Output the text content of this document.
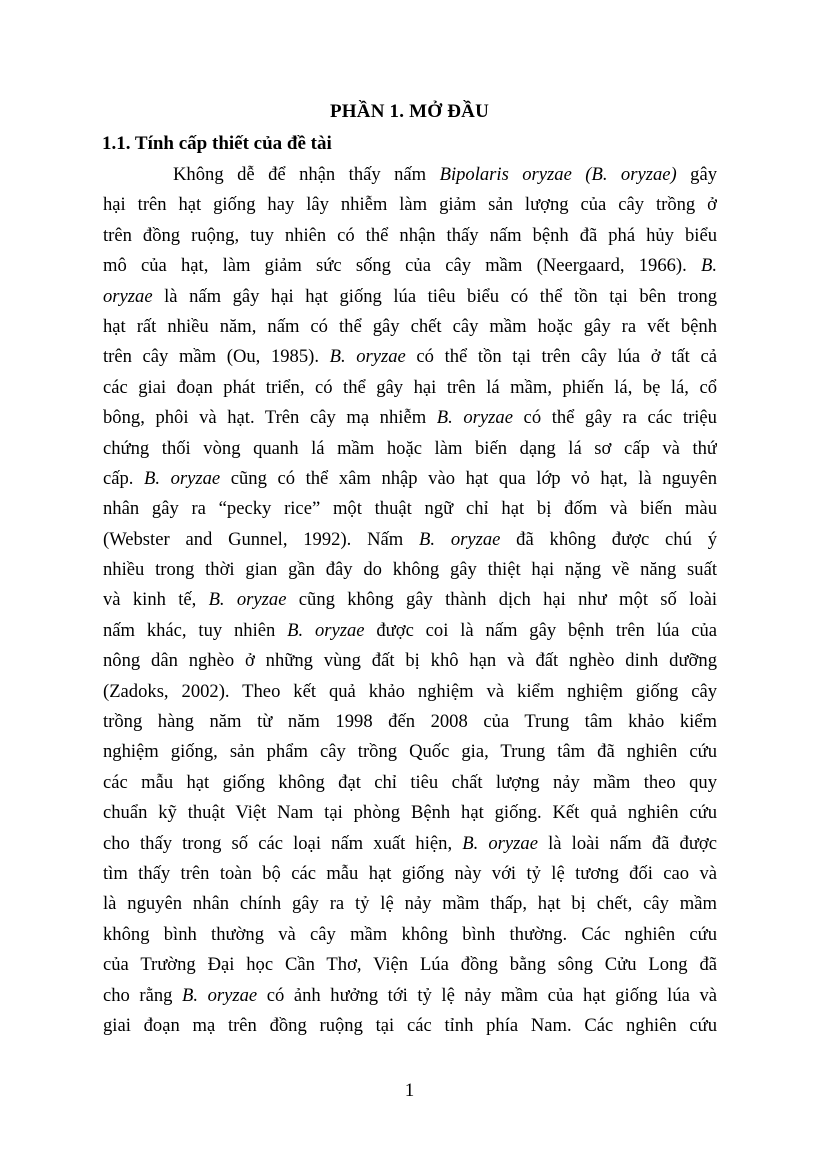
PHẦN 1. MỞ ĐẦU
1.1. Tính cấp thiết của đề tài
Không dễ để nhận thấy nấm Bipolaris oryzae (B. oryzae) gây
hại trên hạt giống hay lây nhiễm làm giảm sản lượng của cây trồng ở
trên đồng ruộng, tuy nhiên có thể nhận thấy nấm bệnh đã phá hủy biểu
mô của hạt, làm giảm sức sống của cây mầm (Neergaard, 1966). B.
oryzae là nấm gây hại hạt giống lúa tiêu biểu có thể tồn tại bên trong
hạt rất nhiều năm, nấm có thể gây chết cây mầm hoặc gây ra vết bệnh
trên cây mầm (Ou, 1985). B. oryzae có thể tồn tại trên cây lúa ở tất cả
các giai đoạn phát triển, có thể gây hại trên lá mầm, phiến lá, bẹ lá, cổ
bông, phôi và hạt. Trên cây mạ nhiễm B. oryzae có thể gây ra các triệu
chứng thối vòng quanh lá mầm hoặc làm biến dạng lá sơ cấp và thứ
cấp. B. oryzae cũng có thể xâm nhập vào hạt qua lớp vỏ hạt, là nguyên
nhân gây ra “pecky rice” một thuật ngữ chỉ hạt bị đốm và biến màu
(Webster and Gunnel, 1992). Nấm B. oryzae đã không được chú ý
nhiều trong thời gian gần đây do không gây thiệt hại nặng về năng suất
và kinh tế, B. oryzae cũng không gây thành dịch hại như một số loài
nấm khác, tuy nhiên B. oryzae được coi là nấm gây bệnh trên lúa của
nông dân nghèo ở những vùng đất bị khô hạn và đất nghèo dinh dưỡng
(Zadoks, 2002). Theo kết quả khảo nghiệm và kiểm nghiệm giống cây
trồng hàng năm từ năm 1998 đến 2008 của Trung tâm khảo kiểm
nghiệm giống, sản phẩm cây trồng Quốc gia, Trung tâm đã nghiên cứu
các mẫu hạt giống không đạt chỉ tiêu chất lượng nảy mầm theo quy
chuẩn kỹ thuật Việt Nam tại phòng Bệnh hạt giống. Kết quả nghiên cứu
cho thấy trong số các loại nấm xuất hiện, B. oryzae là loài nấm đã được
tìm thấy trên toàn bộ các mẫu hạt giống này với tỷ lệ tương đối cao và
là nguyên nhân chính gây ra tỷ lệ nảy mầm thấp, hạt bị chết, cây mầm
không bình thường và cây mầm không bình thường. Các nghiên cứu
của Trường Đại học Cần Thơ, Viện Lúa đồng bằng sông Cửu Long đã
cho rằng B. oryzae có ảnh hưởng tới tỷ lệ nảy mầm của hạt giống lúa và
giai đoạn mạ trên đồng ruộng tại các tỉnh phía Nam. Các nghiên cứu
1
